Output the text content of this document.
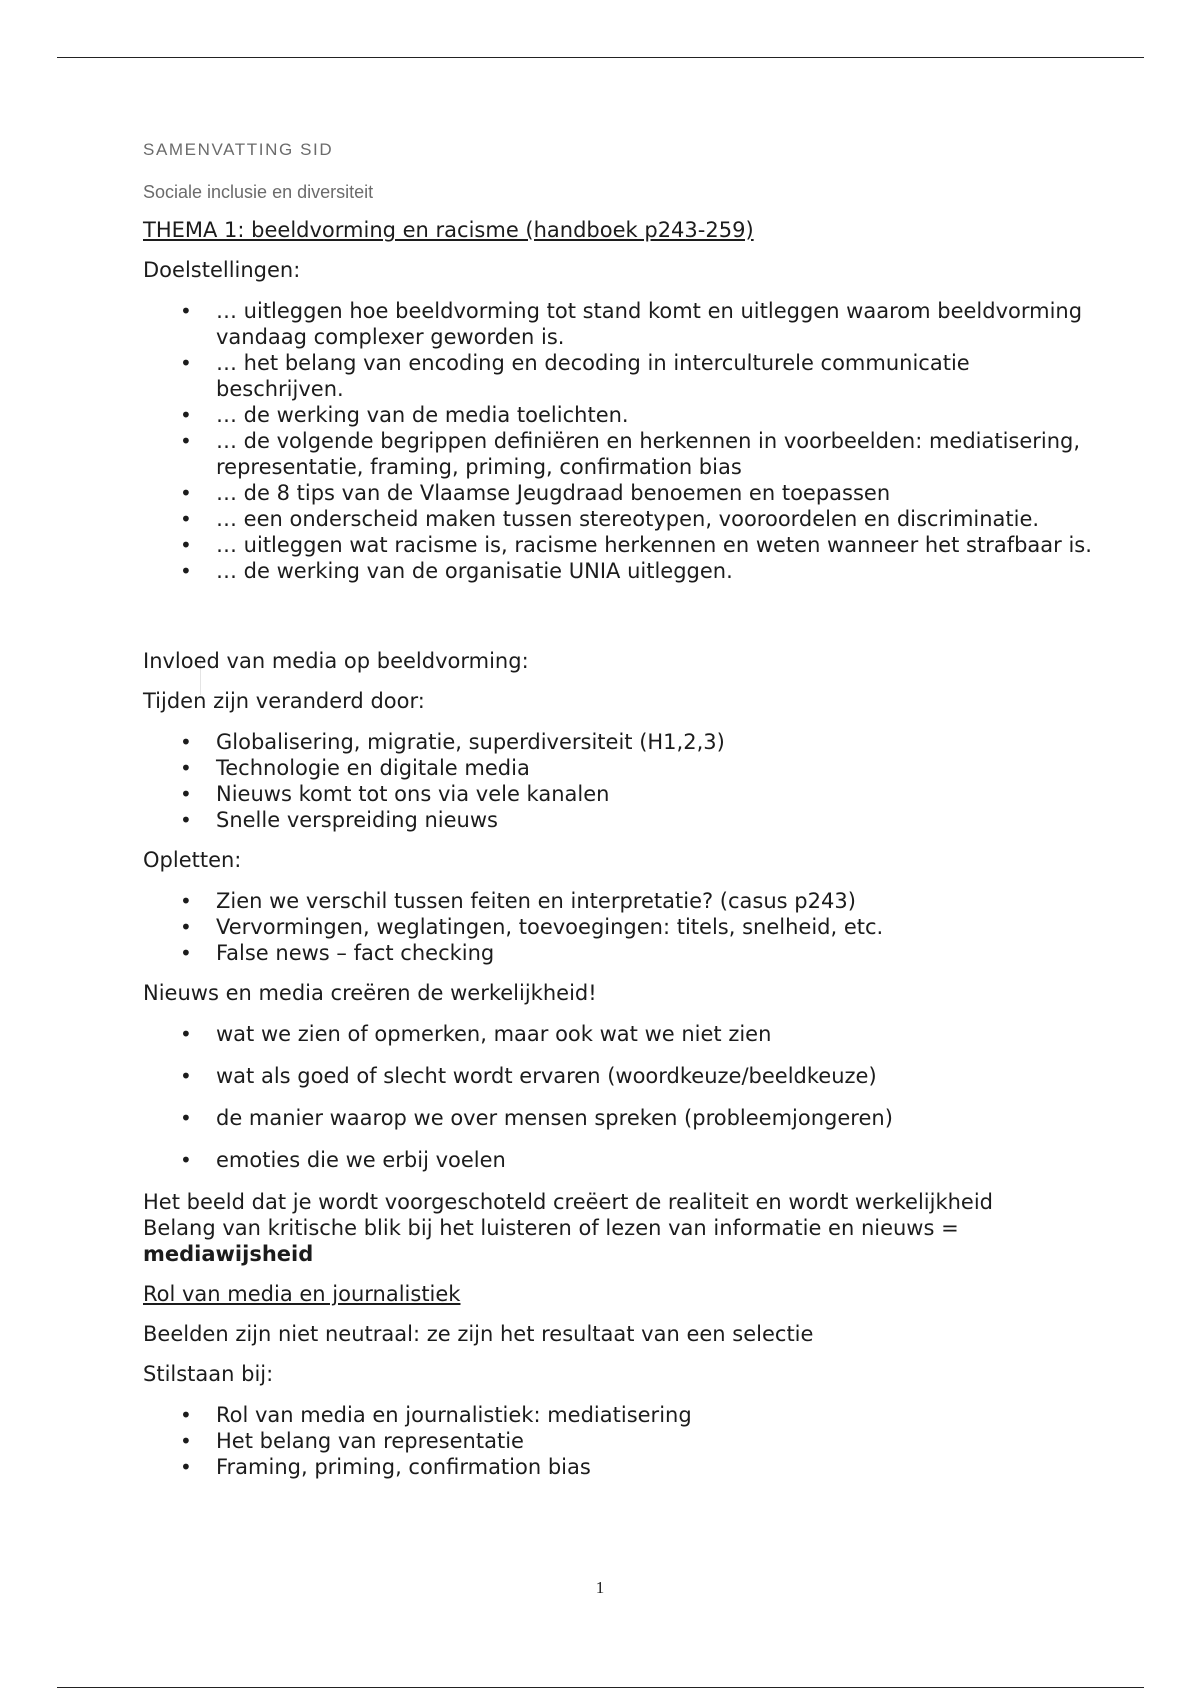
SAMENVATTING SID
Sociale inclusie en diversiteit

THEMA 1: beeldvorming en racisme (handboek p243-259)

Doelstellingen:

• … uitleggen hoe beeldvorming tot stand komt en uitleggen waarom beeldvorming vandaag complexer geworden is.
• … het belang van encoding en decoding in interculturele communicatie beschrijven.
• … de werking van de media toelichten.
• … de volgende begrippen definiëren en herkennen in voorbeelden: mediatisering, representatie, framing, priming, confirmation bias
• … de 8 tips van de Vlaamse Jeugdraad benoemen en toepassen
• … een onderscheid maken tussen stereotypen, vooroordelen en discriminatie.
• … uitleggen wat racisme is, racisme herkennen en weten wanneer het strafbaar is.
• … de werking van de organisatie UNIA uitleggen.

Invloed van media op beeldvorming:

Tijden zijn veranderd door:

• Globalisering, migratie, superdiversiteit (H1,2,3)
• Technologie en digitale media
• Nieuws komt tot ons via vele kanalen
• Snelle verspreiding nieuws

Opletten:

• Zien we verschil tussen feiten en interpretatie? (casus p243)
• Vervormingen, weglatingen, toevoegingen: titels, snelheid, etc.
• False news – fact checking

Nieuws en media creëren de werkelijkheid!

• wat we zien of opmerken, maar ook wat we niet zien
• wat als goed of slecht wordt ervaren (woordkeuze/beeldkeuze)
• de manier waarop we over mensen spreken (probleemjongeren)
• emoties die we erbij voelen

Het beeld dat je wordt voorgeschoteld creëert de realiteit en wordt werkelijkheid

Belang van kritische blik bij het luisteren of lezen van informatie en nieuws =

mediawijsheid

Rol van media en journalistiek

Beelden zijn niet neutraal: ze zijn het resultaat van een selectie

Stilstaan bij:

• Rol van media en journalistiek: mediatisering
• Het belang van representatie
• Framing, priming, confirmation bias
1
